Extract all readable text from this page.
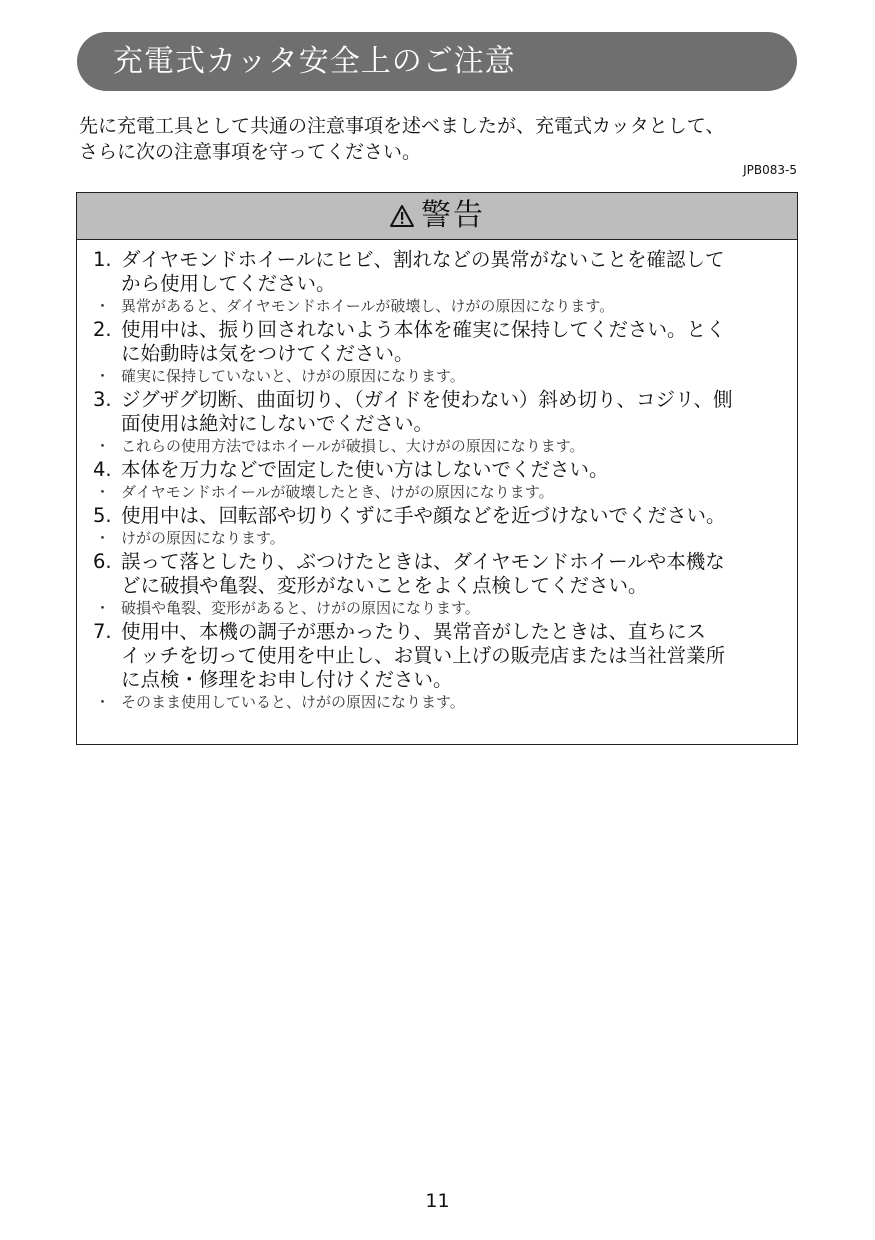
充電式カッタ安全上のご注意

先に充電工具として共通の注意事項を述べましたが、充電式カッタとして、

さらに次の注意事項を守ってください。

JPB083-5
警告
1. ダイヤモンドホイールにヒビ、割れなどの異常がないことを確認して
から使用してください。
・ 異常があると、ダイヤモンドホイールが破壊し、けがの原因になります。
2. 使用中は、振り回されないよう本体を確実に保持してください。とく
に始動時は気をつけてください。
・ 確実に保持していないと、けがの原因になります。
3. ジグザグ切断、曲面切り、（ガイドを使わない）斜め切り、コジリ、側
面使用は絶対にしないでください。
・ これらの使用方法ではホイールが破損し、大けがの原因になります。
4. 本体を万力などで固定した使い方はしないでください。
・ ダイヤモンドホイールが破壊したとき、けがの原因になります。
5. 使用中は、回転部や切りくずに手や顔などを近づけないでください。
・ けがの原因になります。
6. 誤って落としたり、ぶつけたときは、ダイヤモンドホイールや本機な
どに破損や亀裂、変形がないことをよく点検してください。
・ 破損や亀裂、変形があると、けがの原因になります。
7. 使用中、本機の調子が悪かったり、異常音がしたときは、直ちにス
イッチを切って使用を中止し、お買い上げの販売店または当社営業所
に点検・修理をお申し付けください。
・ そのまま使用していると、けがの原因になります。
11
